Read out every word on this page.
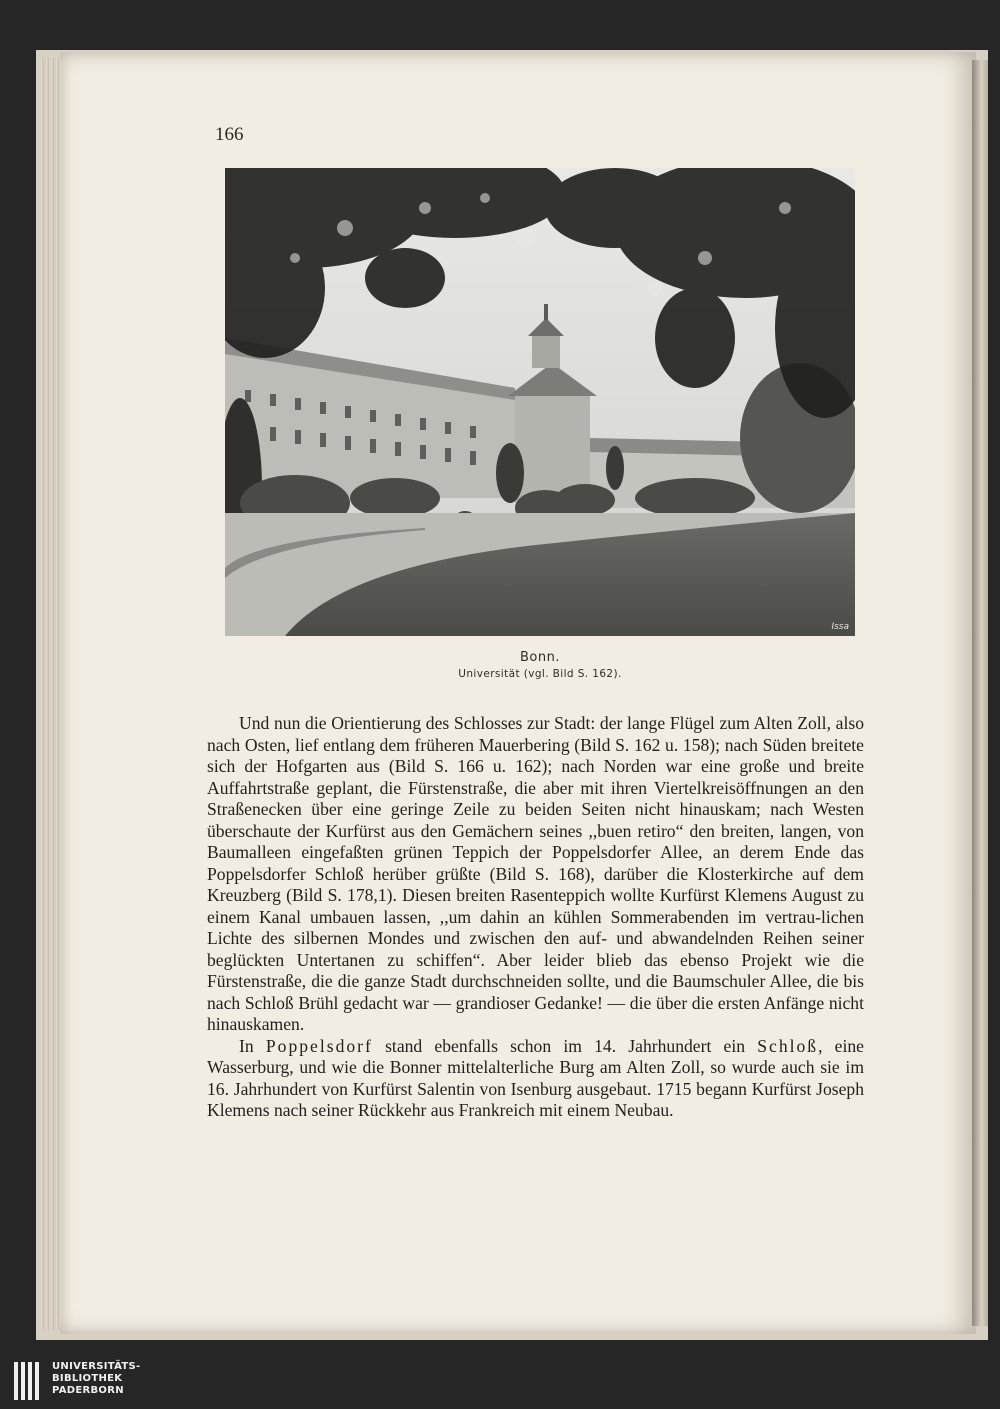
166
Issa
Bonn.
Universität (vgl. Bild S. 162).

Und nun die Orientierung des Schlosses zur Stadt: der lange Flügel zum Alten Zoll, also nach Osten, lief entlang dem früheren Mauerbering (Bild S. 162 u. 158); nach Süden breitete sich der Hofgarten aus (Bild S. 166 u. 162); nach Norden war eine große und breite Auffahrtstraße geplant, die Fürstenstraße, die aber mit ihren Viertelkreisöffnungen an den Straßenecken über eine geringe Zeile zu beiden Seiten nicht hinauskam; nach Westen überschaute der Kurfürst aus den Gemächern seines ,,buen retiro“ den breiten, langen, von Baumalleen eingefaßten grünen Teppich der Poppelsdorfer Allee, an derem Ende das Poppelsdorfer Schloß herüber grüßte (Bild S. 168), darüber die Klosterkirche auf dem Kreuzberg (Bild S. 178,1). Diesen breiten Rasenteppich wollte Kurfürst Klemens August zu einem Kanal umbauen lassen, ,,um dahin an kühlen Sommerabenden im vertrau-lichen Lichte des silbernen Mondes und zwischen den auf- und abwandelnden Reihen seiner beglückten Untertanen zu schiffen“. Aber leider blieb das ebenso Projekt wie die Fürstenstraße, die die ganze Stadt durchschneiden sollte, und die Baumschuler Allee, die bis nach Schloß Brühl gedacht war — grandioser Gedanke! — die über die ersten Anfänge nicht hinauskamen.

In Poppelsdorf stand ebenfalls schon im 14. Jahrhundert ein Schloß, eine Wasserburg, und wie die Bonner mittelalterliche Burg am Alten Zoll, so wurde auch sie im 16. Jahrhundert von Kurfürst Salentin von Isenburg ausgebaut. 1715 begann Kurfürst Joseph Klemens nach seiner Rückkehr aus Frankreich mit einem Neubau.

UNIVERSITÄTS-
BIBLIOTHEK
PADERBORN
